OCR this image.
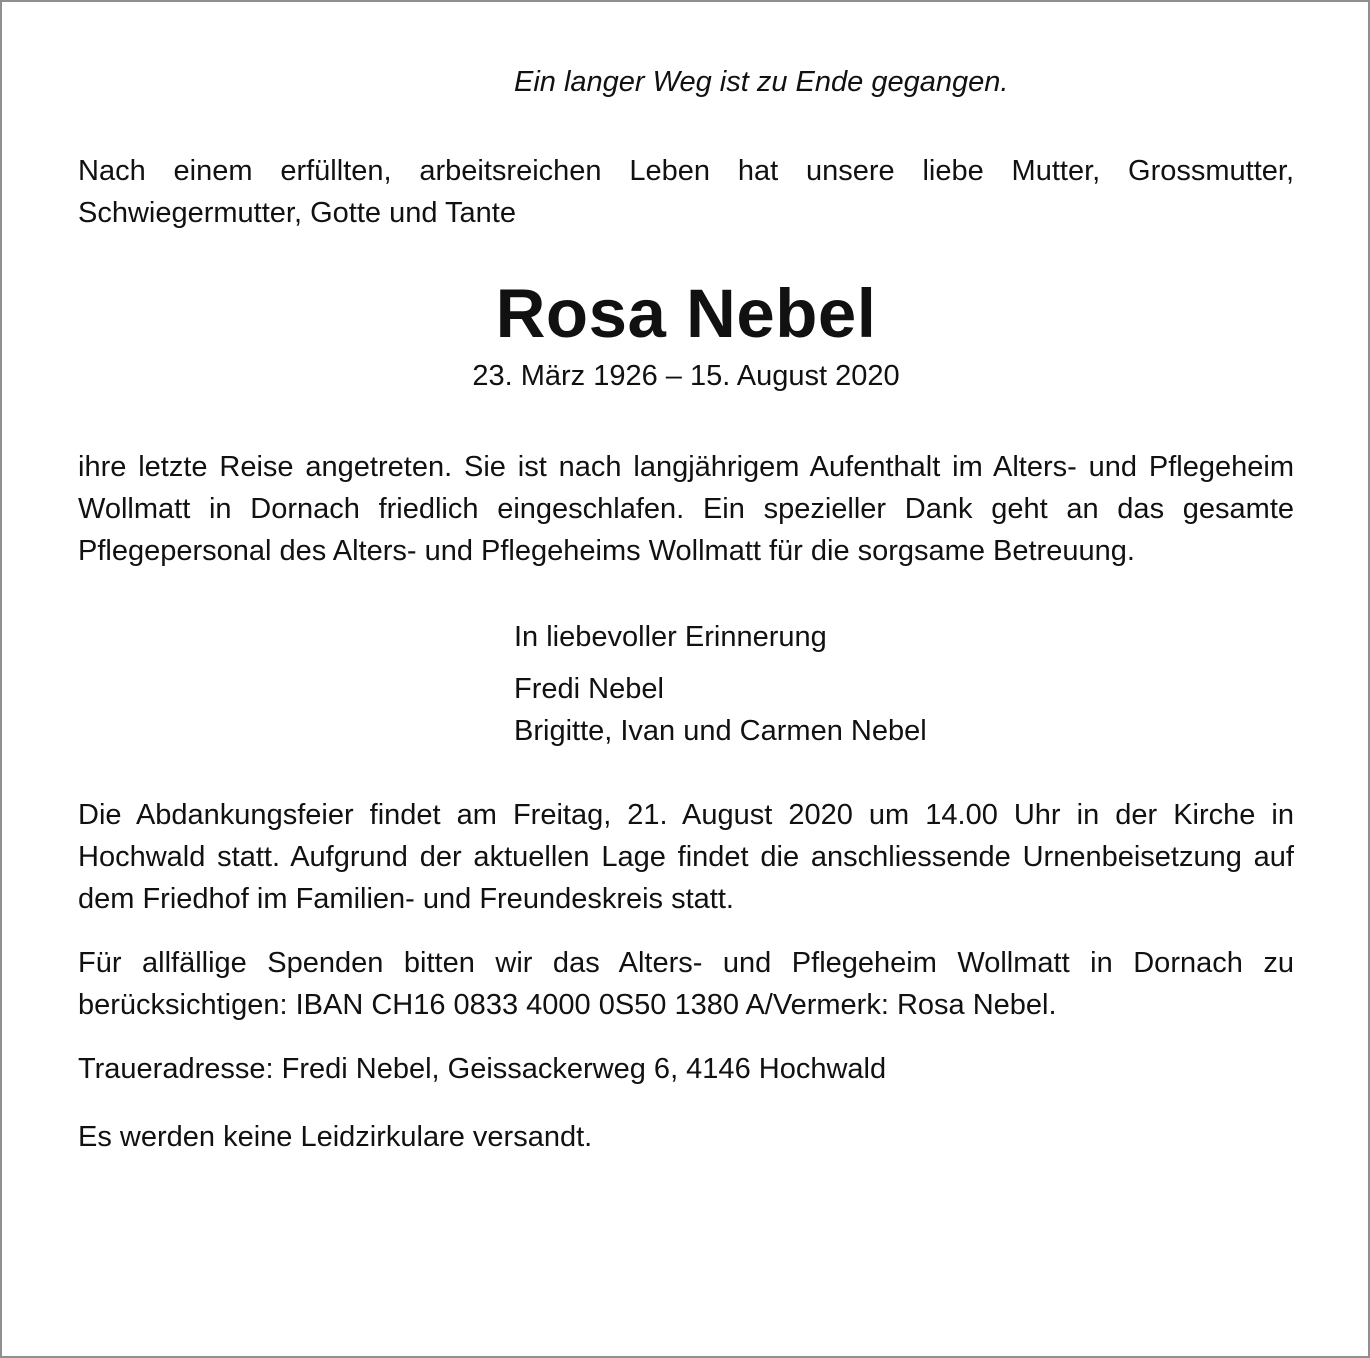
Ein langer Weg ist zu Ende gegangen.

Nach einem erfüllten, arbeitsreichen Leben hat unsere liebe Mutter, Grossmutter, Schwiegermutter, Gotte und Tante

Rosa Nebel
23. März 1926 – 15. August 2020

ihre letzte Reise angetreten. Sie ist nach langjährigem Aufenthalt im Alters- und Pflegeheim Wollmatt in Dornach friedlich eingeschlafen. Ein spezieller Dank geht an das gesamte Pflegepersonal des Alters- und Pflegeheims Wollmatt für die sorgsame Betreuung.

In liebevoller Erinnerung
Fredi Nebel
Brigitte, Ivan und Carmen Nebel

Die Abdankungsfeier findet am Freitag, 21. August 2020 um 14.00 Uhr in der Kirche in Hochwald statt. Aufgrund der aktuellen Lage findet die anschliessende Urnenbeisetzung auf dem Friedhof im Familien- und Freundeskreis statt.

Für allfällige Spenden bitten wir das Alters- und Pflegeheim Wollmatt in Dornach zu berücksichtigen: IBAN CH16 0833 4000 0S50 1380 A/Vermerk: Rosa Nebel.

Traueradresse: Fredi Nebel, Geissackerweg 6, 4146 Hochwald

Es werden keine Leidzirkulare versandt.
